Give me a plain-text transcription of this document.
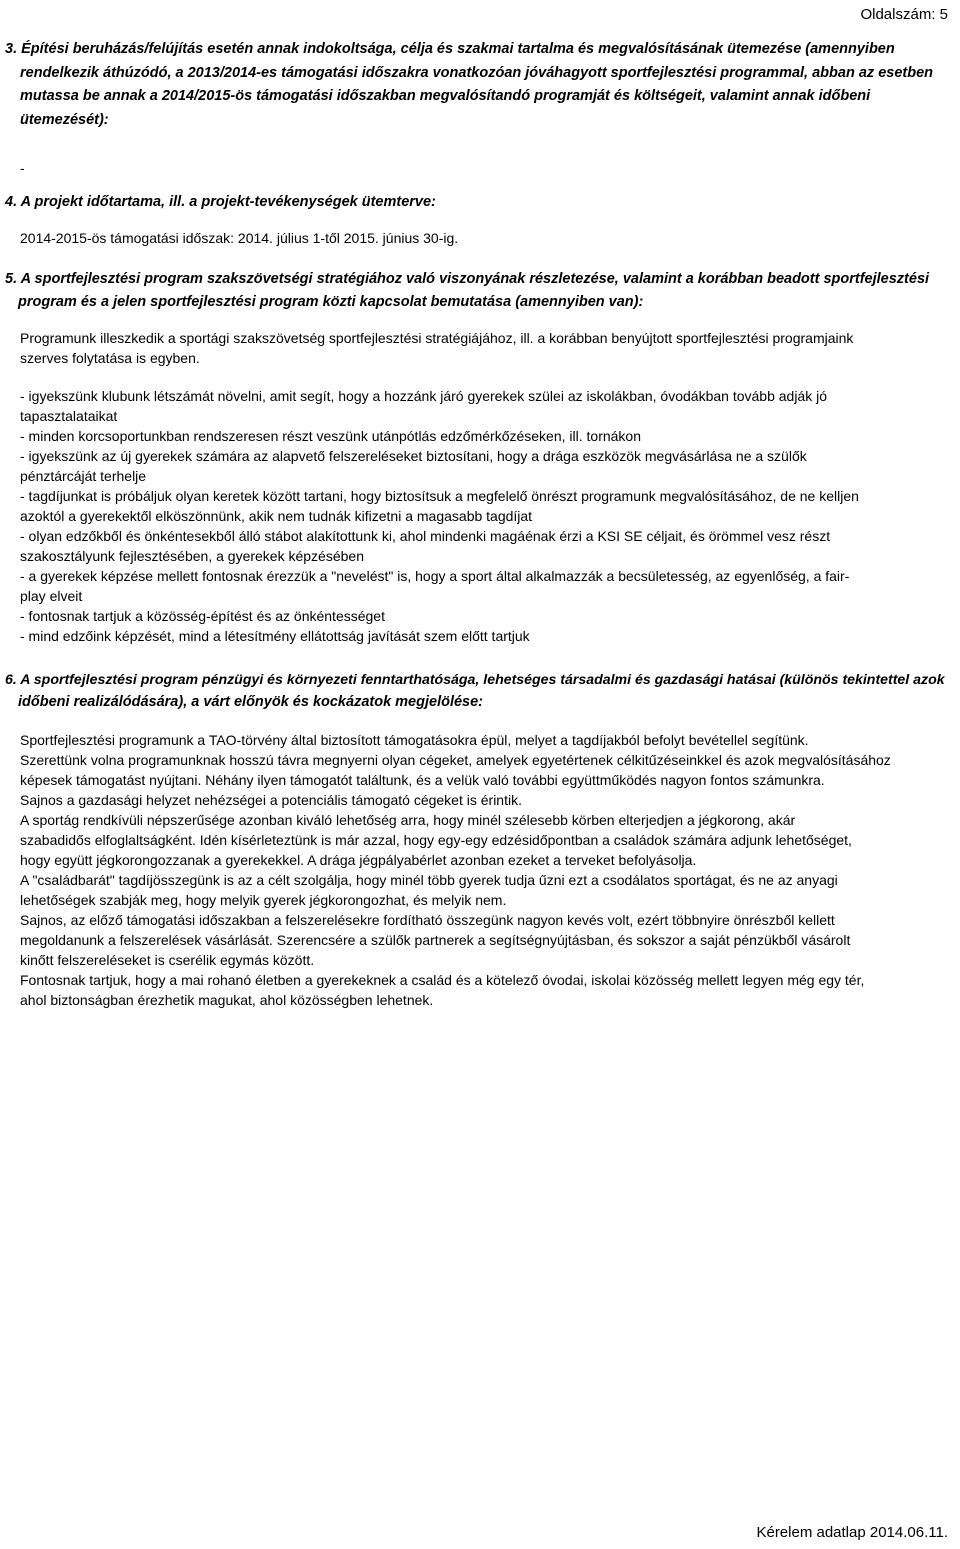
Oldalszám: 5
3. Építési beruházás/felújítás esetén annak indokoltsága, célja és szakmai tartalma és megvalósításának ütemezése (amennyiben
rendelkezik áthúzódó, a 2013/2014-es támogatási időszakra vonatkozóan jóváhagyott sportfejlesztési programmal, abban az esetben
mutassa be annak a 2014/2015-ös támogatási időszakban megvalósítandó programját és költségeit, valamint annak időbeni
ütemezését):
-
4. A projekt időtartama, ill. a projekt-tevékenységek ütemterve:
2014-2015-ös támogatási időszak: 2014. július 1-től 2015. június 30-ig.
5. A sportfejlesztési program szakszövetségi stratégiához való viszonyának részletezése, valamint a korábban beadott sportfejlesztési
program és a jelen sportfejlesztési program közti kapcsolat bemutatása (amennyiben van):
Programunk illeszkedik a sportági szakszövetség sportfejlesztési stratégiájához, ill. a korábban benyújtott sportfejlesztési programjaink
szerves folytatása is egyben.
- igyekszünk klubunk létszámát növelni, amit segít, hogy a hozzánk járó gyerekek szülei az iskolákban, óvodákban tovább adják jó
tapasztalataikat
- minden korcsoportunkban rendszeresen részt veszünk utánpótlás edzőmérkőzéseken, ill. tornákon
- igyekszünk az új gyerekek számára az alapvető felszereléseket biztosítani, hogy a drága eszközök megvásárlása ne a szülők
pénztárcáját terhelje
- tagdíjunkat is próbáljuk olyan keretek között tartani, hogy biztosítsuk a megfelelő önrészt programunk megvalósításához, de ne kelljen
azoktól a gyerekektől elköszönnünk, akik nem tudnák kifizetni a magasabb tagdíjat
- olyan edzőkből és önkéntesekből álló stábot alakítottunk ki, ahol mindenki magáénak érzi a KSI SE céljait, és örömmel vesz részt
szakosztályunk fejlesztésében, a gyerekek képzésében
- a gyerekek képzése mellett fontosnak érezzük a "nevelést" is, hogy a sport által alkalmazzák a becsületesség, az egyenlőség, a fair-
play elveit
- fontosnak tartjuk a közösség-építést és az önkéntességet
- mind edzőink képzését, mind a létesítmény ellátottság javítását szem előtt tartjuk
6. A sportfejlesztési program pénzügyi és környezeti fenntarthatósága, lehetséges társadalmi és gazdasági hatásai (különös tekintettel azok
időbeni realizálódására), a várt előnyök és kockázatok megjelölése:
Sportfejlesztési programunk a TAO-törvény által biztosított támogatásokra épül, melyet a tagdíjakból befolyt bevétellel segítünk.
Szerettünk volna programunknak hosszú távra megnyerni olyan cégeket, amelyek egyetértenek célkitűzéseinkkel és azok megvalósításához
képesek támogatást nyújtani. Néhány ilyen támogatót találtunk, és a velük való további együttműködés nagyon fontos számunkra.
Sajnos a gazdasági helyzet nehézségei a potenciális támogató cégeket is érintik.
A sportág rendkívüli népszerűsége azonban kiváló lehetőség arra, hogy minél szélesebb körben elterjedjen a jégkorong, akár
szabadidős elfoglaltságként. Idén kísérleteztünk is már azzal, hogy egy-egy edzésidőpontban a családok számára adjunk lehetőséget,
hogy együtt jégkorongozzanak a gyerekekkel. A drága jégpályabérlet azonban ezeket a terveket befolyásolja.
A "családbarát" tagdíjösszegünk is az a célt szolgálja, hogy minél több gyerek tudja űzni ezt a csodálatos sportágat, és ne az anyagi
lehetőségek szabják meg, hogy melyik gyerek jégkorongozhat, és melyik nem.
Sajnos, az előző támogatási időszakban a felszerelésekre fordítható összegünk nagyon kevés volt, ezért többnyire önrészből kellett
megoldanunk a felszerelések vásárlását. Szerencsére a szülők partnerek a segítségnyújtásban, és sokszor a saját pénzükből vásárolt
kinőtt felszereléseket is cserélik egymás között.
Fontosnak tartjuk, hogy a mai rohanó életben a gyerekeknek a család és a kötelező óvodai, iskolai közösség mellett legyen még egy tér,
ahol biztonságban érezhetik magukat, ahol közösségben lehetnek.
Kérelem adatlap 2014.06.11.
